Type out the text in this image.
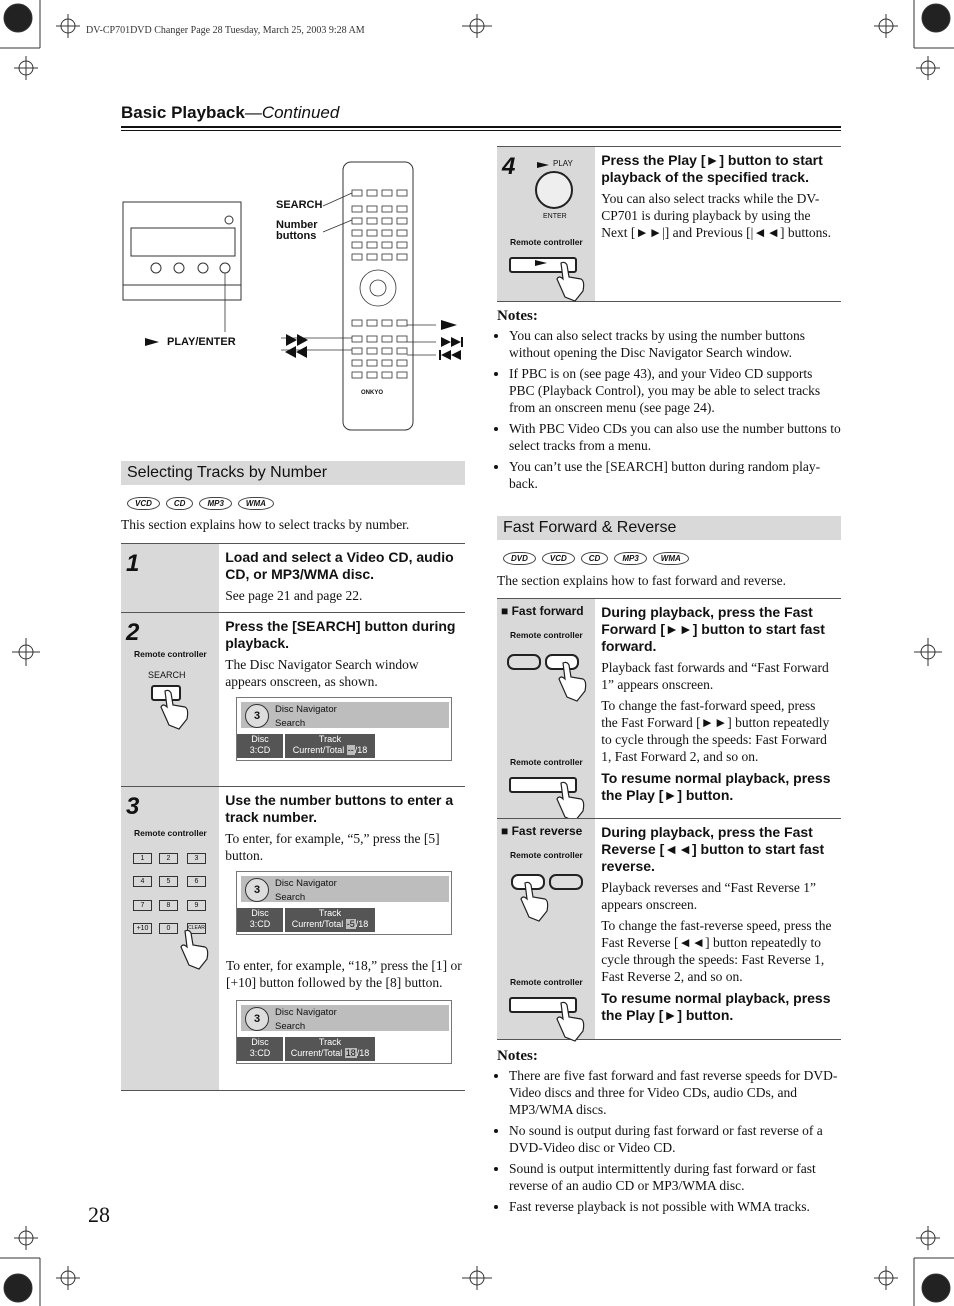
DV-CP701DVD Changer Page 28 Tuesday, March 25, 2003 9:28 AM
Basic Playback—Continued
SEARCH
Number
buttons
PLAY/ENTER
ONKYO
Selecting Tracks by Number
VCD	CD	MP3	WMA
This section explains how to select tracks by number.
1	Load and select a Video CD, audio CD, or MP3/WMA disc.
See page 21 and page 22.
2
Remote controller
SEARCH
Press the [SEARCH] button during playback.
The Disc Navigator Search window appears onscreen, as shown.
3
Disc Navigator
Search
Disc
3:CD
Track
Current/Total --/18
3
Remote controller
1	2	3
4	5	6
7	8	9
+10	0	CLEAR
Use the number buttons to enter a track number.
To enter, for example, “5,” press the [5] button.
3
Disc Navigator
Search
Disc
3:CD
Track
Current/Total -5/18
To enter, for example, “18,” press the [1] or [+10] button followed by the [8] button.
3
Disc Navigator
Search
Disc
3:CD
Track
Current/Total 18/18
4	PLAY
ENTER
Remote controller
Press the Play [►] button to start playback of the specified track.
You can also select tracks while the DV-CP701 is during playback by using the Next [►►|] and Previous [|◄◄] buttons.
Notes:
• You can also select tracks by using the number buttons without opening the Disc Navigator Search window.
• If PBC is on (see page 43), and your Video CD supports PBC (Playback Control), you may be able to select tracks from an onscreen menu (see page 24).
• With PBC Video CDs you can also use the number buttons to select tracks from a menu.
• You can’t use the [SEARCH] button during random play-back.
Fast Forward & Reverse
DVD	VCD	CD	MP3	WMA
The section explains how to fast forward and reverse.
■ Fast forward
Remote controller
Remote controller
During playback, press the Fast Forward [►►] button to start fast forward.
Playback fast forwards and “Fast Forward 1” appears onscreen.
To change the fast-forward speed, press the Fast Forward [►►] button repeatedly to cycle through the speeds: Fast Forward 1, Fast Forward 2, and so on.
To resume normal playback, press the Play [►] button.
■ Fast reverse
Remote controller
Remote controller
During playback, press the Fast Reverse [◄◄] button to start fast reverse.
Playback reverses and “Fast Reverse 1” appears onscreen.
To change the fast-reverse speed, press the Fast Reverse [◄◄] button repeatedly to cycle through the speeds: Fast Reverse 1, Fast Reverse 2, and so on.
To resume normal playback, press the Play [►] button.
Notes:
• There are five fast forward and fast reverse speeds for DVD-Video discs and three for Video CDs, audio CDs, and MP3/WMA discs.
• No sound is output during fast forward or fast reverse of a DVD-Video disc or Video CD.
• Sound is output intermittently during fast forward or fast reverse of an audio CD or MP3/WMA disc.
• Fast reverse playback is not possible with WMA tracks.
28
